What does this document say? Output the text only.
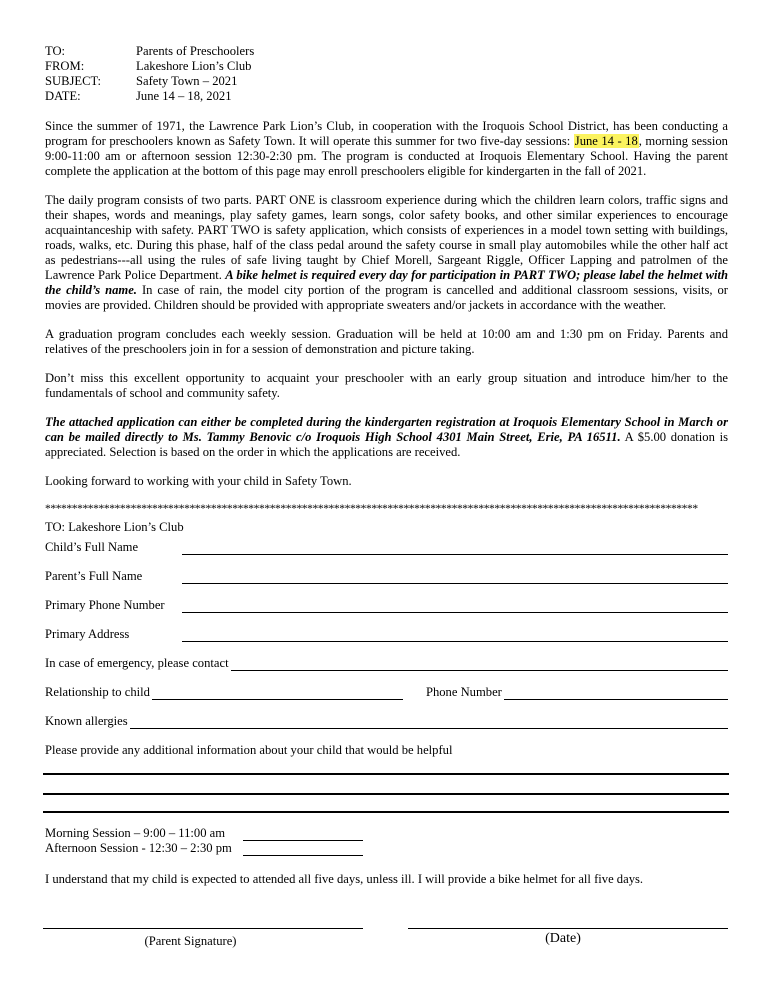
TO:	Parents of Preschoolers
FROM:	Lakeshore Lion’s Club
SUBJECT:	Safety Town – 2021
DATE:	June 14 – 18, 2021

Since the summer of 1971, the Lawrence Park Lion’s Club, in cooperation with the Iroquois School District, has been conducting a program for preschoolers known as Safety Town. It will operate this summer for two five-day sessions: June 14 - 18, morning session 9:00-11:00 am or afternoon session 12:30-2:30 pm. The program is conducted at Iroquois Elementary School. Having the parent complete the application at the bottom of this page may enroll preschoolers eligible for kindergarten in the fall of 2021.

The daily program consists of two parts. PART ONE is classroom experience during which the children learn colors, traffic signs and their shapes, words and meanings, play safety games, learn songs, color safety books, and other similar experiences to encourage acquaintanceship with safety. PART TWO is safety application, which consists of experiences in a model town setting with buildings, roads, walks, etc. During this phase, half of the class pedal around the safety course in small play automobiles while the other half act as pedestrians---all using the rules of safe living taught by Chief Morell, Sargeant Riggle, Officer Lapping and patrolmen of the Lawrence Park Police Department. A bike helmet is required every day for participation in PART TWO; please label the helmet with the child’s name. In case of rain, the model city portion of the program is cancelled and additional classroom sessions, visits, or movies are provided. Children should be provided with appropriate sweaters and/or jackets in accordance with the weather.

A graduation program concludes each weekly session. Graduation will be held at 10:00 am and 1:30 pm on Friday. Parents and relatives of the preschoolers join in for a session of demonstration and picture taking.

Don’t miss this excellent opportunity to acquaint your preschooler with an early group situation and introduce him/her to the fundamentals of school and community safety.

The attached application can either be completed during the kindergarten registration at Iroquois Elementary School in March or can be mailed directly to Ms. Tammy Benovic c/o Iroquois High School 4301 Main Street, Erie, PA 16511. A $5.00 donation is appreciated. Selection is based on the order in which the applications are received.

Looking forward to working with your child in Safety Town.

**************************************************************************************************************************
TO: Lakeshore Lion’s Club
Child’s Full Name
Parent’s Full Name
Primary Phone Number
Primary Address
In case of emergency, please contact
Relationship to child	Phone Number
Known allergies
Please provide any additional information about your child that would be helpful
Morning Session – 9:00 – 11:00 am
Afternoon Session - 12:30 – 2:30 pm
I understand that my child is expected to attended all five days, unless ill. I will provide a bike helmet for all five days.
(Parent Signature)	(Date)
